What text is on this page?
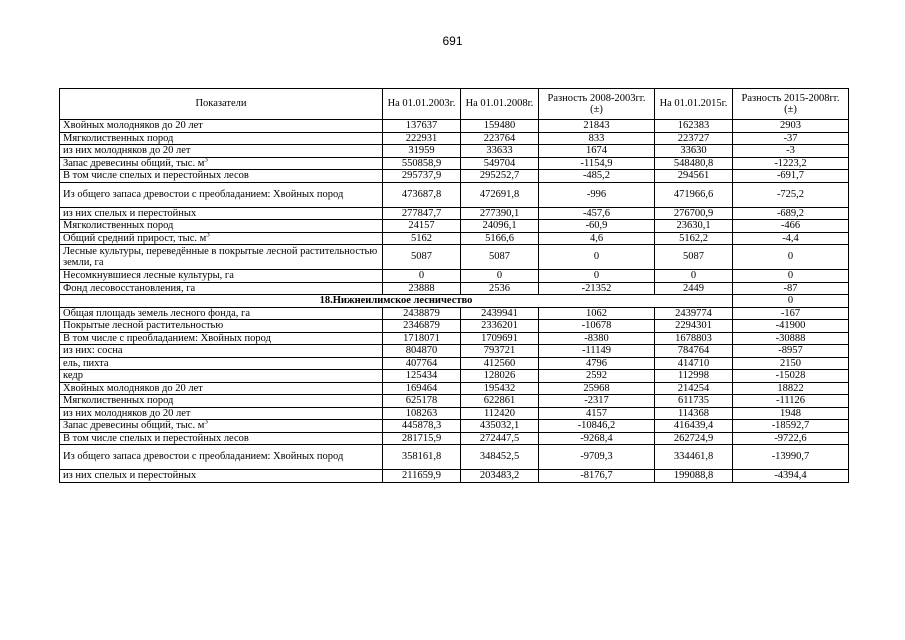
691
Показатели	На 01.01.2003г.	На 01.01.2008г.	Разность 2008-2003гг. (±)	На 01.01.2015г.	Разность 2015-2008гг. (±)
Хвойных молодняков до 20 лет	137637	159480	21843	162383	2903
Мягколиственных пород	222931	223764	833	223727	-37
из них молодняков до 20 лет	31959	33633	1674	33630	-3
Запас древесины общий, тыс. $м^3$	550858,9	549704	-1154,9	548480,8	-1223,2
В том числе спелых и перестойных лесов	295737,9	295252,7	-485,2	294561	-691,7
Из общего запаса древостои с преобладанием: Хвойных пород	473687,8	472691,8	-996	471966,6	-725,2
из них спелых и перестойных	277847,7	277390,1	-457,6	276700,9	-689,2
Мягколиственных пород	24157	24096,1	-60,9	23630,1	-466
Общий средний прирост, тыс. $м^3$	5162	5166,6	4,6	5162,2	-4,4
Лесные культуры, переведённые в покрытые лесной растительностью земли, га	5087	5087	0	5087	0
Несомкнувшиеся лесные культуры, га	0	0	0	0	0
Фонд лесовосстановления, га	23888	2536	-21352	2449	-87
18.Нижнеилимское лесничество					0
Общая площадь земель лесного фонда, га	2438879	2439941	1062	2439774	-167
Покрытые лесной растительностью	2346879	2336201	-10678	2294301	-41900
В том числе с преобладанием: Хвойных пород	1718071	1709691	-8380	1678803	-30888
из них: сосна	804870	793721	-11149	784764	-8957
ель, пихта	407764	412560	4796	414710	2150
кедр	125434	128026	2592	112998	-15028
Хвойных молодняков до 20 лет	169464	195432	25968	214254	18822
Мягколиственных пород	625178	622861	-2317	611735	-11126
из них молодняков до 20 лет	108263	112420	4157	114368	1948
Запас древесины общий, тыс. $м^3$	445878,3	435032,1	-10846,2	416439,4	-18592,7
В том числе спелых и перестойных лесов	281715,9	272447,5	-9268,4	262724,9	-9722,6
Из общего запаса древостои с преобладанием: Хвойных пород	358161,8	348452,5	-9709,3	334461,8	-13990,7
из них спелых и перестойных	211659,9	203483,2	-8176,7	199088,8	-4394,4
